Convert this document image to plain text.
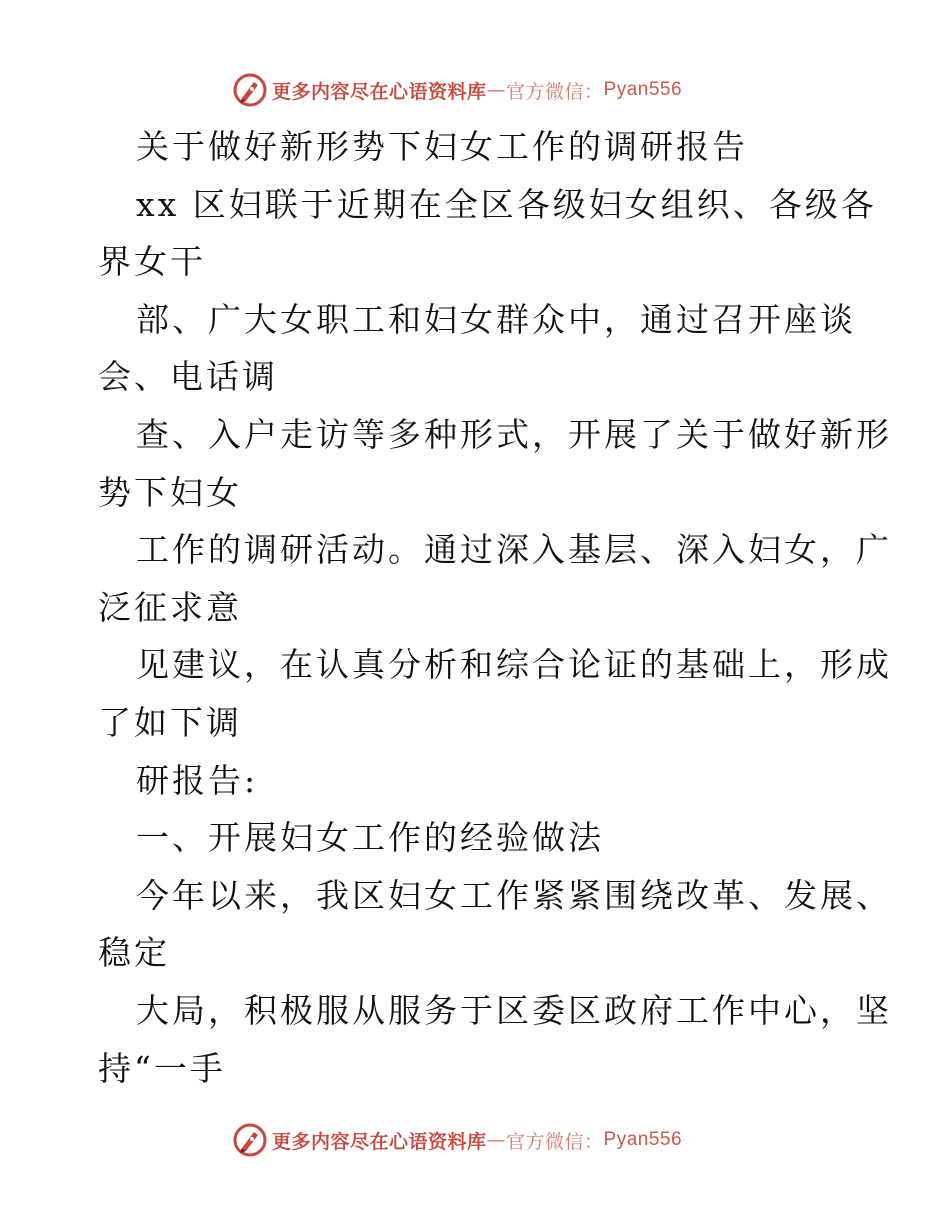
更多内容尽在心语资料库 — 官方微信： Pyan556
关于做好新形势下妇女工作的调研报告
xx 区妇联于近期在全区各级妇女组织、各级各
界女干
部、广大女职工和妇女群众中，通过召开座谈
会、电话调
查、入户走访等多种形式，开展了关于做好新形
势下妇女
工作的调研活动。通过深入基层、深入妇女，广
泛征求意
见建议，在认真分析和综合论证的基础上，形成
了如下调
研报告:
一、开展妇女工作的经验做法
今年以来，我区妇女工作紧紧围绕改革、发展、
稳定
大局，积极服从服务于区委区政府工作中心，坚
持“一手
更多内容尽在心语资料库 — 官方微信： Pyan556
